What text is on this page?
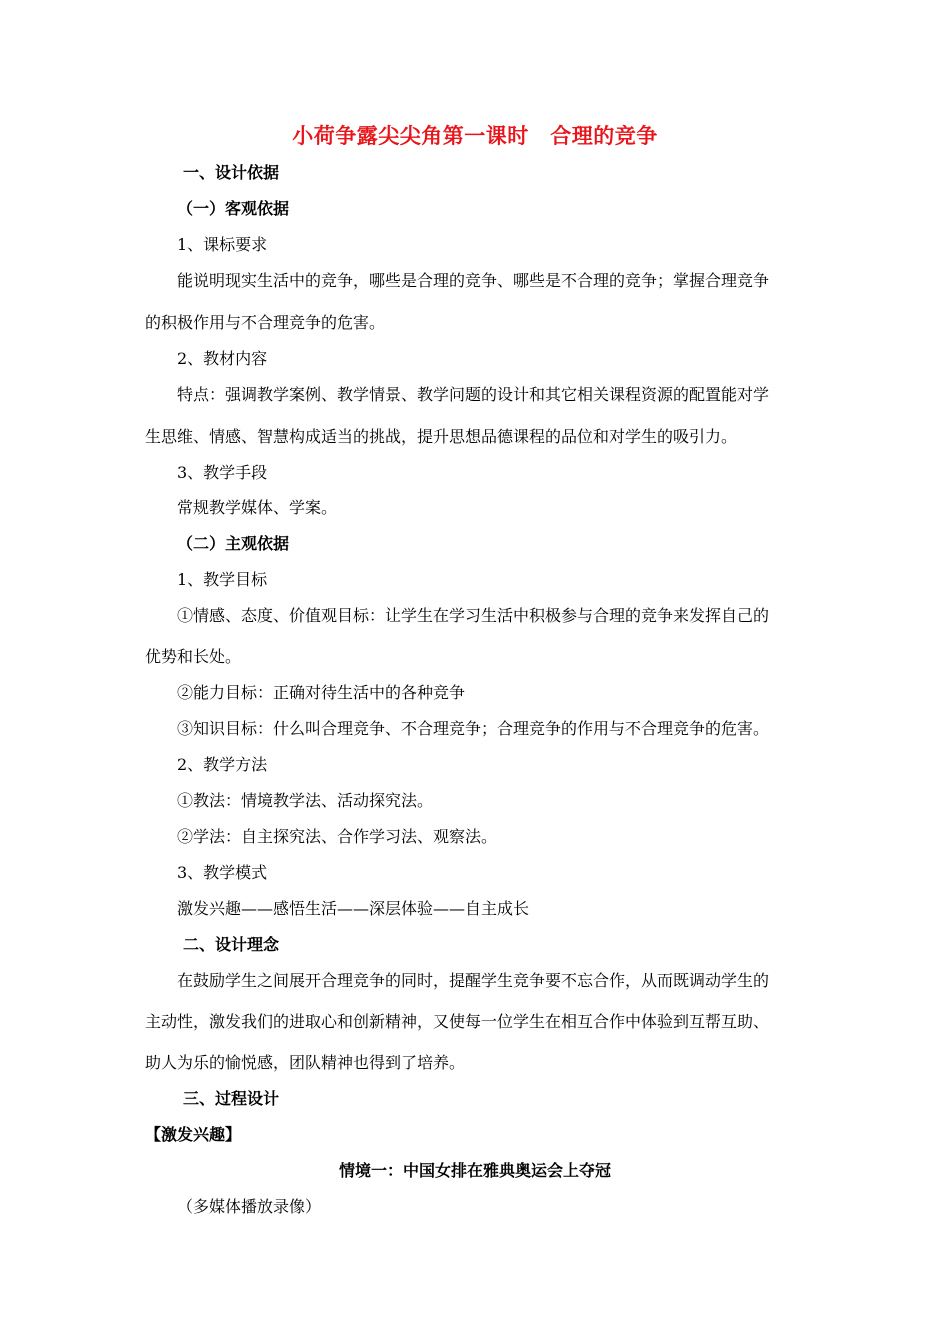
小荷争露尖尖角第一课时　合理的竞争
一、设计依据
（一）客观依据
1、课标要求
能说明现实生活中的竞争，哪些是合理的竞争、哪些是不合理的竞争；掌握合理竞争
的积极作用与不合理竞争的危害。
2、教材内容
特点：强调教学案例、教学情景、教学问题的设计和其它相关课程资源的配置能对学
生思维、情感、智慧构成适当的挑战，提升思想品德课程的品位和对学生的吸引力。
3、教学手段
常规教学媒体、学案。
（二）主观依据
1、教学目标
①情感、态度、价值观目标：让学生在学习生活中积极参与合理的竞争来发挥自己的
优势和长处。
②能力目标：正确对待生活中的各种竞争
③知识目标：什么叫合理竞争、不合理竞争；合理竞争的作用与不合理竞争的危害。
2、教学方法
①教法：情境教学法、活动探究法。
②学法：自主探究法、合作学习法、观察法。
3、教学模式
激发兴趣——感悟生活——深层体验——自主成长
二、设计理念
在鼓励学生之间展开合理竞争的同时，提醒学生竞争要不忘合作，从而既调动学生的
主动性，激发我们的进取心和创新精神，又使每一位学生在相互合作中体验到互帮互助、
助人为乐的愉悦感，团队精神也得到了培养。
三、过程设计
【激发兴趣】
情境一：中国女排在雅典奥运会上夺冠
（多媒体播放录像）
